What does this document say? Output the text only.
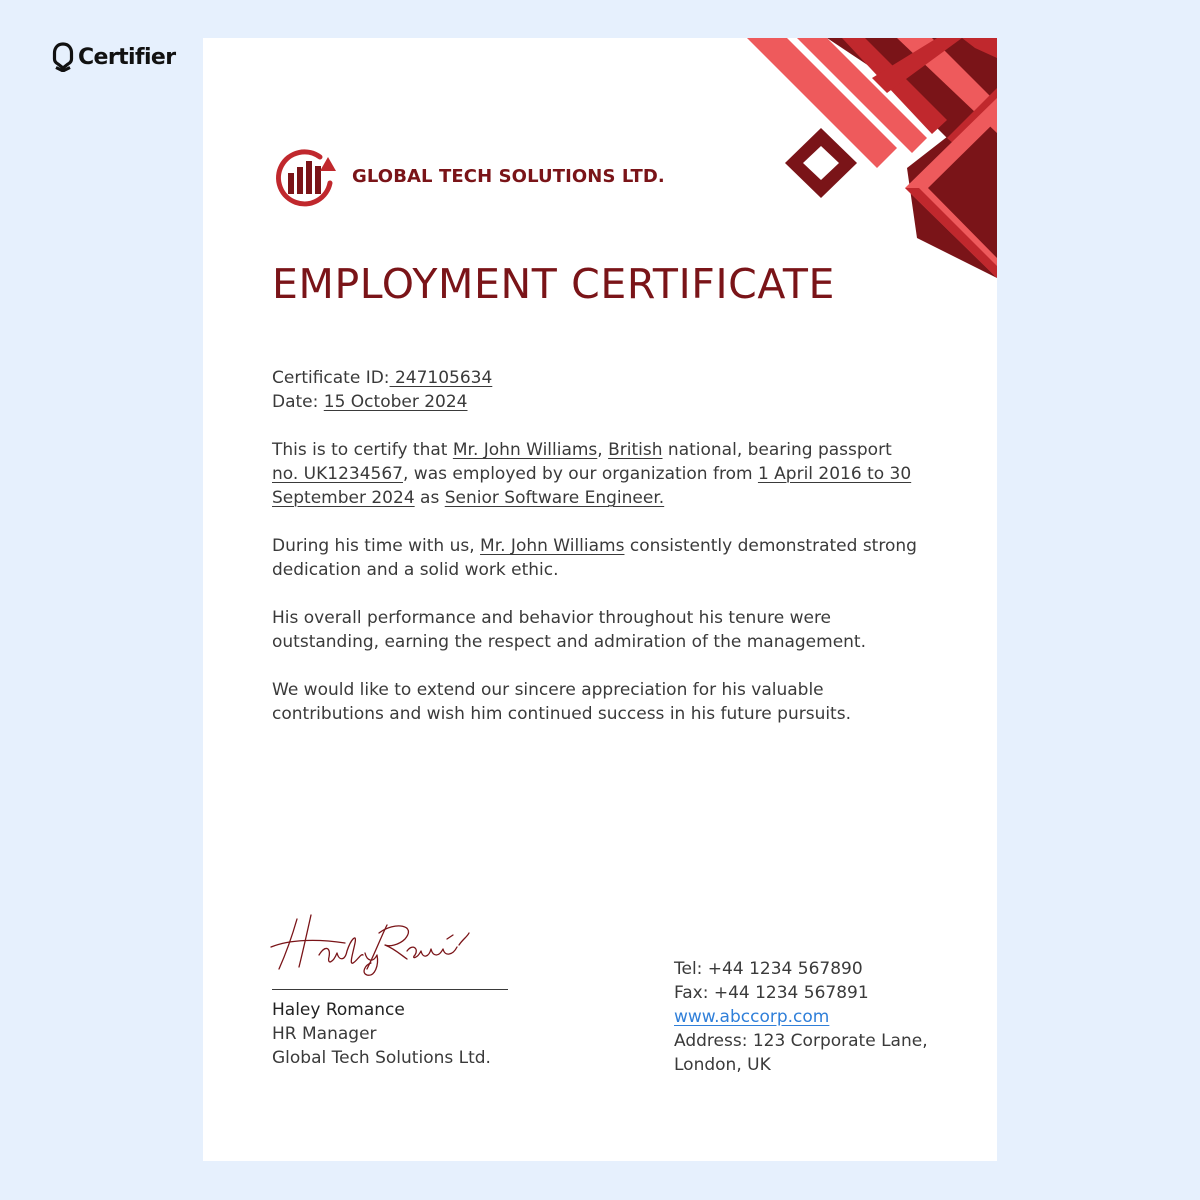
Certifier
GLOBAL TECH SOLUTIONS LTD.
EMPLOYMENT CERTIFICATE
Certificate ID: 247105634
Date: 15 October 2024

This is to certify that Mr. John Williams, British national, bearing passport no. UK1234567, was employed by our organization from 1 April 2016 to 30 September 2024 as Senior Software Engineer.

During his time with us, Mr. John Williams consistently demonstrated strong dedication and a solid work ethic.

His overall performance and behavior throughout his tenure were outstanding, earning the respect and admiration of the management.

We would like to extend our sincere appreciation for his valuable contributions and wish him continued success in his future pursuits.

Haley Romance
HR Manager
Global Tech Solutions Ltd.
Tel: +44 1234 567890
Fax: +44 1234 567891
www.abccorp.com
Address: 123 Corporate Lane, London, UK
